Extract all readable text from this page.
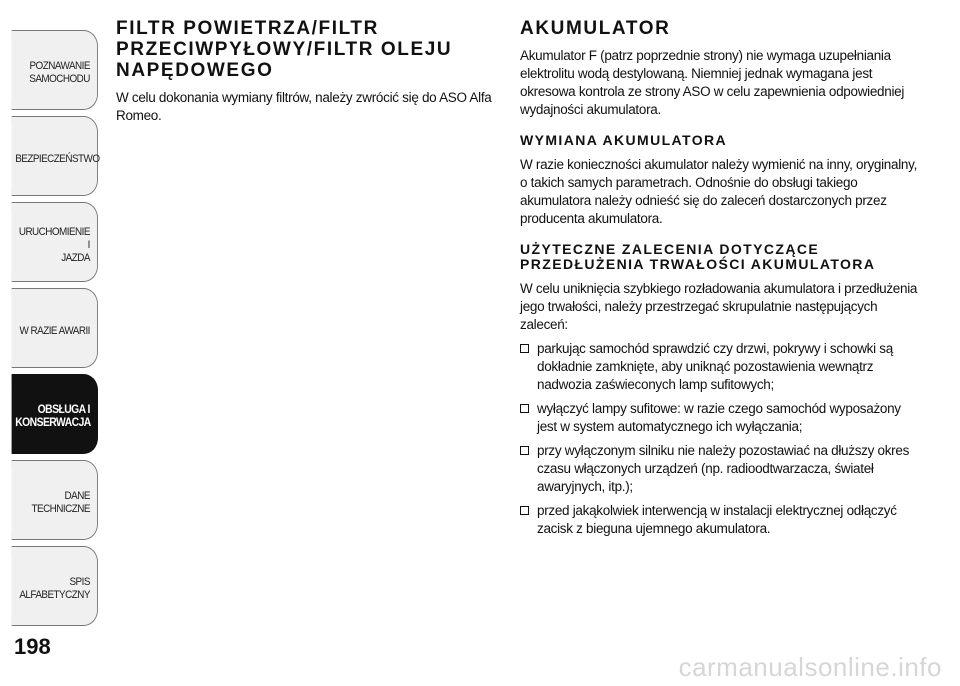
POZNAWANIE
SAMOCHODU
BEZPIECZEŃSTWO
URUCHOMIENIE I
JAZDA
W RAZIE AWARII
OBSŁUGA I
KONSERWACJA
DANE TECHNICZNE
SPIS ALFABETYCZNY
198
FILTR POWIETRZA/FILTR PRZECIWPYŁOWY/FILTR OLEJU NAPĘDOWEGO

W celu dokonania wymiany filtrów, należy zwrócić się do ASO Alfa Romeo.

AKUMULATOR

Akumulator F (patrz poprzednie strony) nie wymaga uzupełniania elektrolitu wodą destylowaną. Niemniej jednak wymagana jest okresowa kontrola ze strony ASO w celu zapewnienia odpowiedniej wydajności akumulatora.

WYMIANA AKUMULATORA

W razie konieczności akumulator należy wymienić na inny, oryginalny, o takich samych parametrach. Odnośnie do obsługi takiego akumulatora należy odnieść się do zaleceń dostarczonych przez producenta akumulatora.

UŻYTECZNE ZALECENIA DOTYCZĄCE PRZEDŁUŻENIA TRWAŁOŚCI AKUMULATORA

W celu uniknięcia szybkiego rozładowania akumulatora i przedłużenia jego trwałości, należy przestrzegać skrupulatnie następujących zaleceń:

parkując samochód sprawdzić czy drzwi, pokrywy i schowki są dokładnie zamknięte, aby uniknąć pozostawienia wewnątrz nadwozia zaświeconych lamp sufitowych;
wyłączyć lampy sufitowe: w razie czego samochód wyposażony jest w system automatycznego ich wyłączania;
przy wyłączonym silniku nie należy pozostawiać na dłuższy okres czasu włączonych urządzeń (np. radioodtwarzacza, świateł awaryjnych, itp.);
przed jakąkolwiek interwencją w instalacji elektrycznej odłączyć zacisk z bieguna ujemnego akumulatora.
carmanualsonline.info
